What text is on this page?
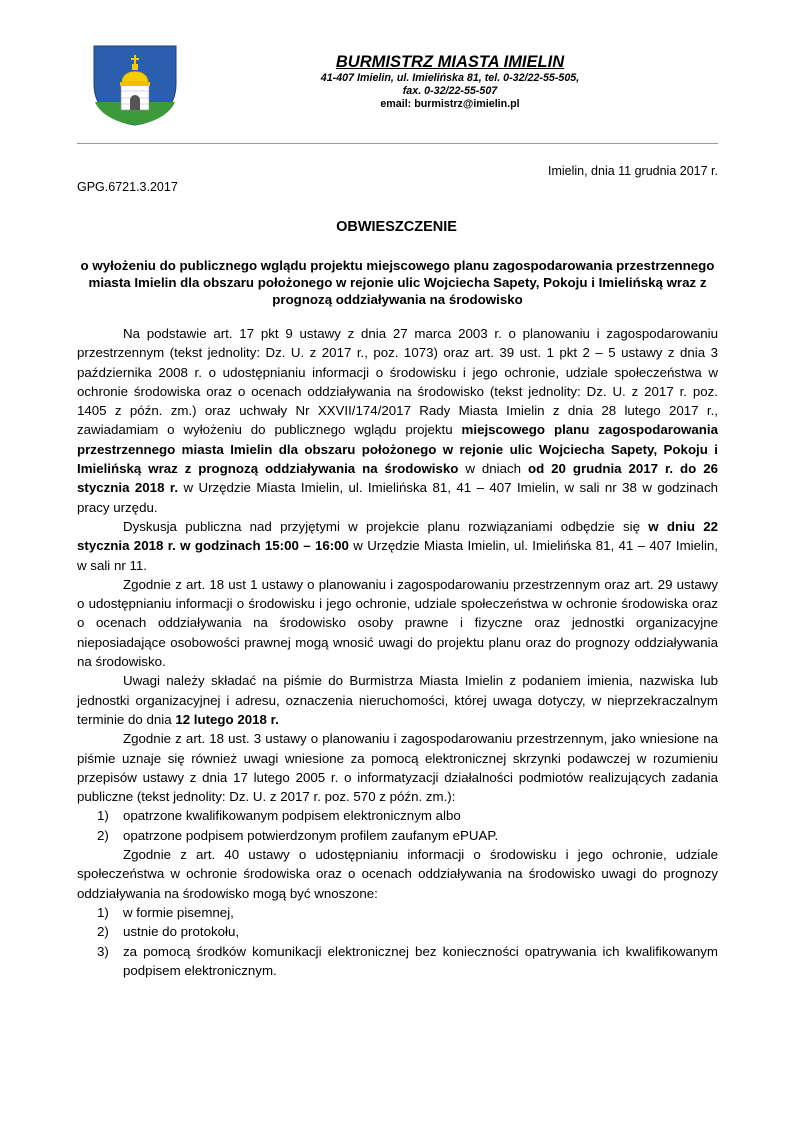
BURMISTRZ MIASTA IMIELIN
41-407 Imielin, ul. Imielińska 81, tel. 0-32/22-55-505,
fax. 0-32/22-55-507
email: burmistrz@imielin.pl
Imielin, dnia 11 grudnia 2017 r.
GPG.6721.3.2017
OBWIESZCZENIE
o wyłożeniu do publicznego wglądu projektu miejscowego planu zagospodarowania przestrzennego miasta Imielin dla obszaru położonego w rejonie ulic Wojciecha Sapety, Pokoju i Imielińską wraz z prognozą oddziaływania na środowisko

Na podstawie art. 17 pkt 9 ustawy z dnia 27 marca 2003 r. o planowaniu i zagospodarowaniu przestrzennym (tekst jednolity: Dz. U. z 2017 r., poz. 1073) oraz art. 39 ust. 1 pkt 2 – 5 ustawy z dnia 3 października 2008 r. o udostępnianiu informacji o środowisku i jego ochronie, udziale społeczeństwa w ochronie środowiska oraz o ocenach oddziaływania na środowisko (tekst jednolity: Dz. U. z 2017 r. poz. 1405 z późn. zm.) oraz uchwały Nr XXVII/174/2017 Rady Miasta Imielin z dnia 28 lutego 2017 r., zawiadamiam o wyłożeniu do publicznego wglądu projektu miejscowego planu zagospodarowania przestrzennego miasta Imielin dla obszaru położonego w rejonie ulic Wojciecha Sapety, Pokoju i Imielińską wraz z prognozą oddziaływania na środowisko w dniach od 20 grudnia 2017 r. do 26 stycznia 2018 r. w Urzędzie Miasta Imielin, ul. Imielińska 81, 41 – 407 Imielin, w sali nr 38 w godzinach pracy urzędu.

Dyskusja publiczna nad przyjętymi w projekcie planu rozwiązaniami odbędzie się w dniu 22 stycznia 2018 r. w godzinach 15:00 – 16:00 w Urzędzie Miasta Imielin, ul. Imielińska 81, 41 – 407 Imielin, w sali nr 11.

Zgodnie z art. 18 ust 1 ustawy o planowaniu i zagospodarowaniu przestrzennym oraz art. 29 ustawy o udostępnianiu informacji o środowisku i jego ochronie, udziale społeczeństwa w ochronie środowiska oraz o ocenach oddziaływania na środowisko osoby prawne i fizyczne oraz jednostki organizacyjne nieposiadające osobowości prawnej mogą wnosić uwagi do projektu planu oraz do prognozy oddziaływania na środowisko.

Uwagi należy składać na piśmie do Burmistrza Miasta Imielin z podaniem imienia, nazwiska lub jednostki organizacyjnej i adresu, oznaczenia nieruchomości, której uwaga dotyczy, w nieprzekraczalnym terminie do dnia 12 lutego 2018 r.

Zgodnie z art. 18 ust. 3 ustawy o planowaniu i zagospodarowaniu przestrzennym, jako wniesione na piśmie uznaje się również uwagi wniesione za pomocą elektronicznej skrzynki podawczej w rozumieniu przepisów ustawy z dnia 17 lutego 2005 r. o informatyzacji działalności podmiotów realizujących zadania publiczne (tekst jednolity: Dz. U. z 2017 r. poz. 570 z późn. zm.):

1) opatrzone kwalifikowanym podpisem elektronicznym albo
2) opatrzone podpisem potwierdzonym profilem zaufanym ePUAP.

Zgodnie z art. 40 ustawy o udostępnianiu informacji o środowisku i jego ochronie, udziale społeczeństwa w ochronie środowiska oraz o ocenach oddziaływania na środowisko uwagi do prognozy oddziaływania na środowisko mogą być wnoszone:

1) w formie pisemnej,
2) ustnie do protokołu,
3) za pomocą środków komunikacji elektronicznej bez konieczności opatrywania ich kwalifikowanym podpisem elektronicznym.
